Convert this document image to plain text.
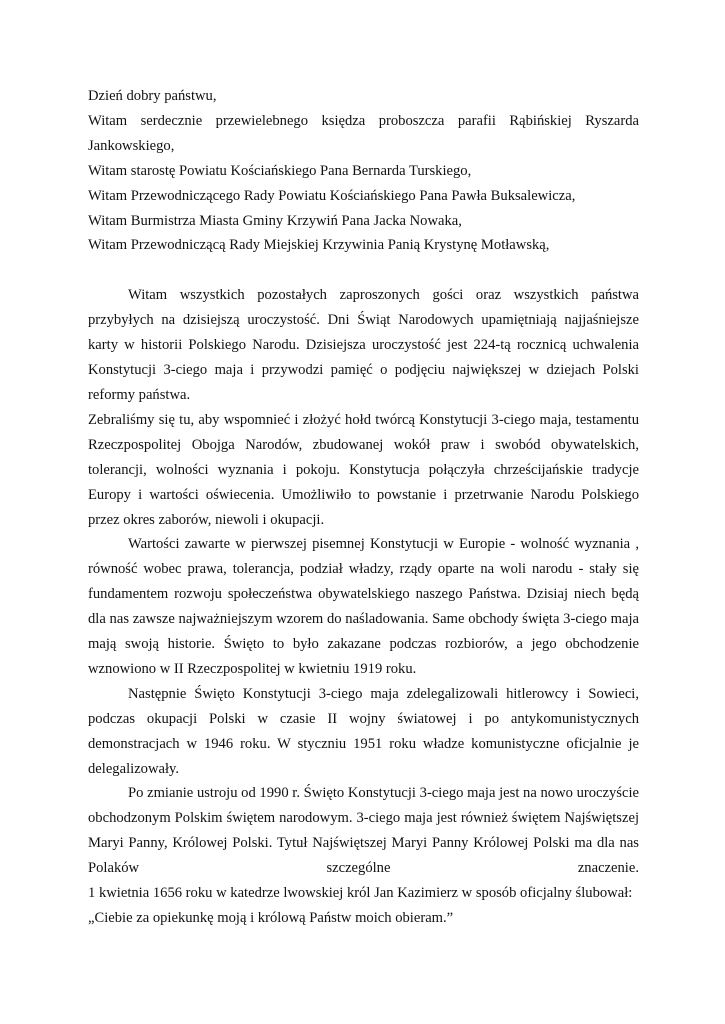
Dzień dobry państwu,

Witam serdecznie przewielebnego księdza proboszcza parafii Rąbińskiej Ryszarda Jankowskiego,

Witam starostę Powiatu Kościańskiego Pana Bernarda Turskiego,

Witam Przewodniczącego Rady Powiatu Kościańskiego Pana Pawła Buksalewicza,

Witam Burmistrza Miasta Gminy Krzywiń Pana Jacka Nowaka,

Witam Przewodniczącą Rady Miejskiej Krzywinia Panią Krystynę Motławską,

Witam wszystkich pozostałych zaproszonych gości oraz wszystkich państwa przybyłych na dzisiejszą uroczystość. Dni Świąt Narodowych upamiętniają najjaśniejsze karty w historii Polskiego Narodu. Dzisiejsza uroczystość jest 224-tą rocznicą uchwalenia Konstytucji 3-ciego maja i przywodzi pamięć o podjęciu największej w dziejach Polski reformy państwa.

Zebraliśmy się tu, aby wspomnieć i złożyć hołd twórcą Konstytucji 3-ciego maja, testamentu Rzeczpospolitej Obojga Narodów, zbudowanej wokół praw i swobód obywatelskich, tolerancji, wolności wyznania i pokoju. Konstytucja połączyła chrześcijańskie tradycje Europy i wartości oświecenia. Umożliwiło to powstanie i przetrwanie Narodu Polskiego przez okres zaborów, niewoli i okupacji.

Wartości zawarte w pierwszej pisemnej Konstytucji w Europie - wolność wyznania , równość wobec prawa, tolerancja, podział władzy, rządy oparte na woli narodu - stały się fundamentem rozwoju społeczeństwa obywatelskiego naszego Państwa. Dzisiaj niech będą dla nas zawsze najważniejszym wzorem do naśladowania. Same obchody święta 3-ciego maja mają swoją historie. Święto to było zakazane podczas rozbiorów, a jego obchodzenie wznowiono w II Rzeczpospolitej w kwietniu 1919 roku.

Następnie Święto Konstytucji 3-ciego maja zdelegalizowali hitlerowcy i Sowieci, podczas okupacji Polski w czasie II wojny światowej i po antykomunistycznych demonstracjach w 1946 roku. W styczniu 1951 roku władze komunistyczne oficjalnie je delegalizowały.

Po zmianie ustroju od 1990 r. Święto Konstytucji 3-ciego maja jest na nowo uroczyście obchodzonym Polskim świętem narodowym. 3-ciego maja jest również świętem Najświętszej Maryi Panny, Królowej Polski. Tytuł Najświętszej Maryi Panny Królowej Polski ma dla nas Polaków szczególne znaczenie.

1 kwietnia 1656 roku w katedrze lwowskiej król Jan Kazimierz w sposób oficjalny ślubował:

„Ciebie za opiekunkę moją i królową Państw moich obieram.”
